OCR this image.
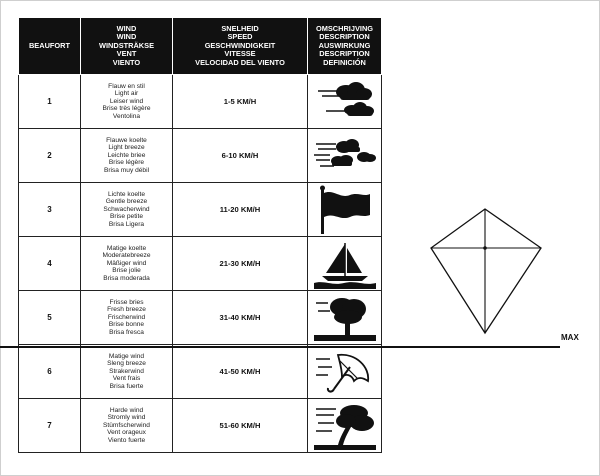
BEAUFORT	WIND
WIND
WINDSTRÄKSE
VENT
VIENTO	SNELHEID
SPEED
GESCHWINDIGKEIT
VITESSE
VELOCIDAD DEL VIENTO	OMSCHRIJVING
DESCRIPTION
AUSWIRKUNG
DESCRIPTION
DEFINICIÓN

1	Flauw en stil
Light air
Leiser wind
Brise très légère
Ventolina	1-5 KM/H	

2	Flauwe koelte
Light breeze
Leichte briee
Brise légère
Brisa muy débil	6-10 KM/H	

3	Lichte koelte
Gentle breeze
Schwacherwind
Brise petite
Brisa Ligera	11-20 KM/H	

4	Matige koelte
Moderatebreeze
Mäßiger wind
Brise jolie
Brisa moderada	21-30 KM/H	

5	Frisse bries
Fresh breeze
Frischerwind
Brise bonne
Brisa fresca	31-40 KM/H	

6	Matige wind
Sleng breeze
Strakerwind
Vent frais
Brisa fuerte	41-50 KM/H	

7	Harde wind
Stromly wind
Stümfscherwind
Vent orageux
Viento fuerte	51-60 KM/H	
MAX
